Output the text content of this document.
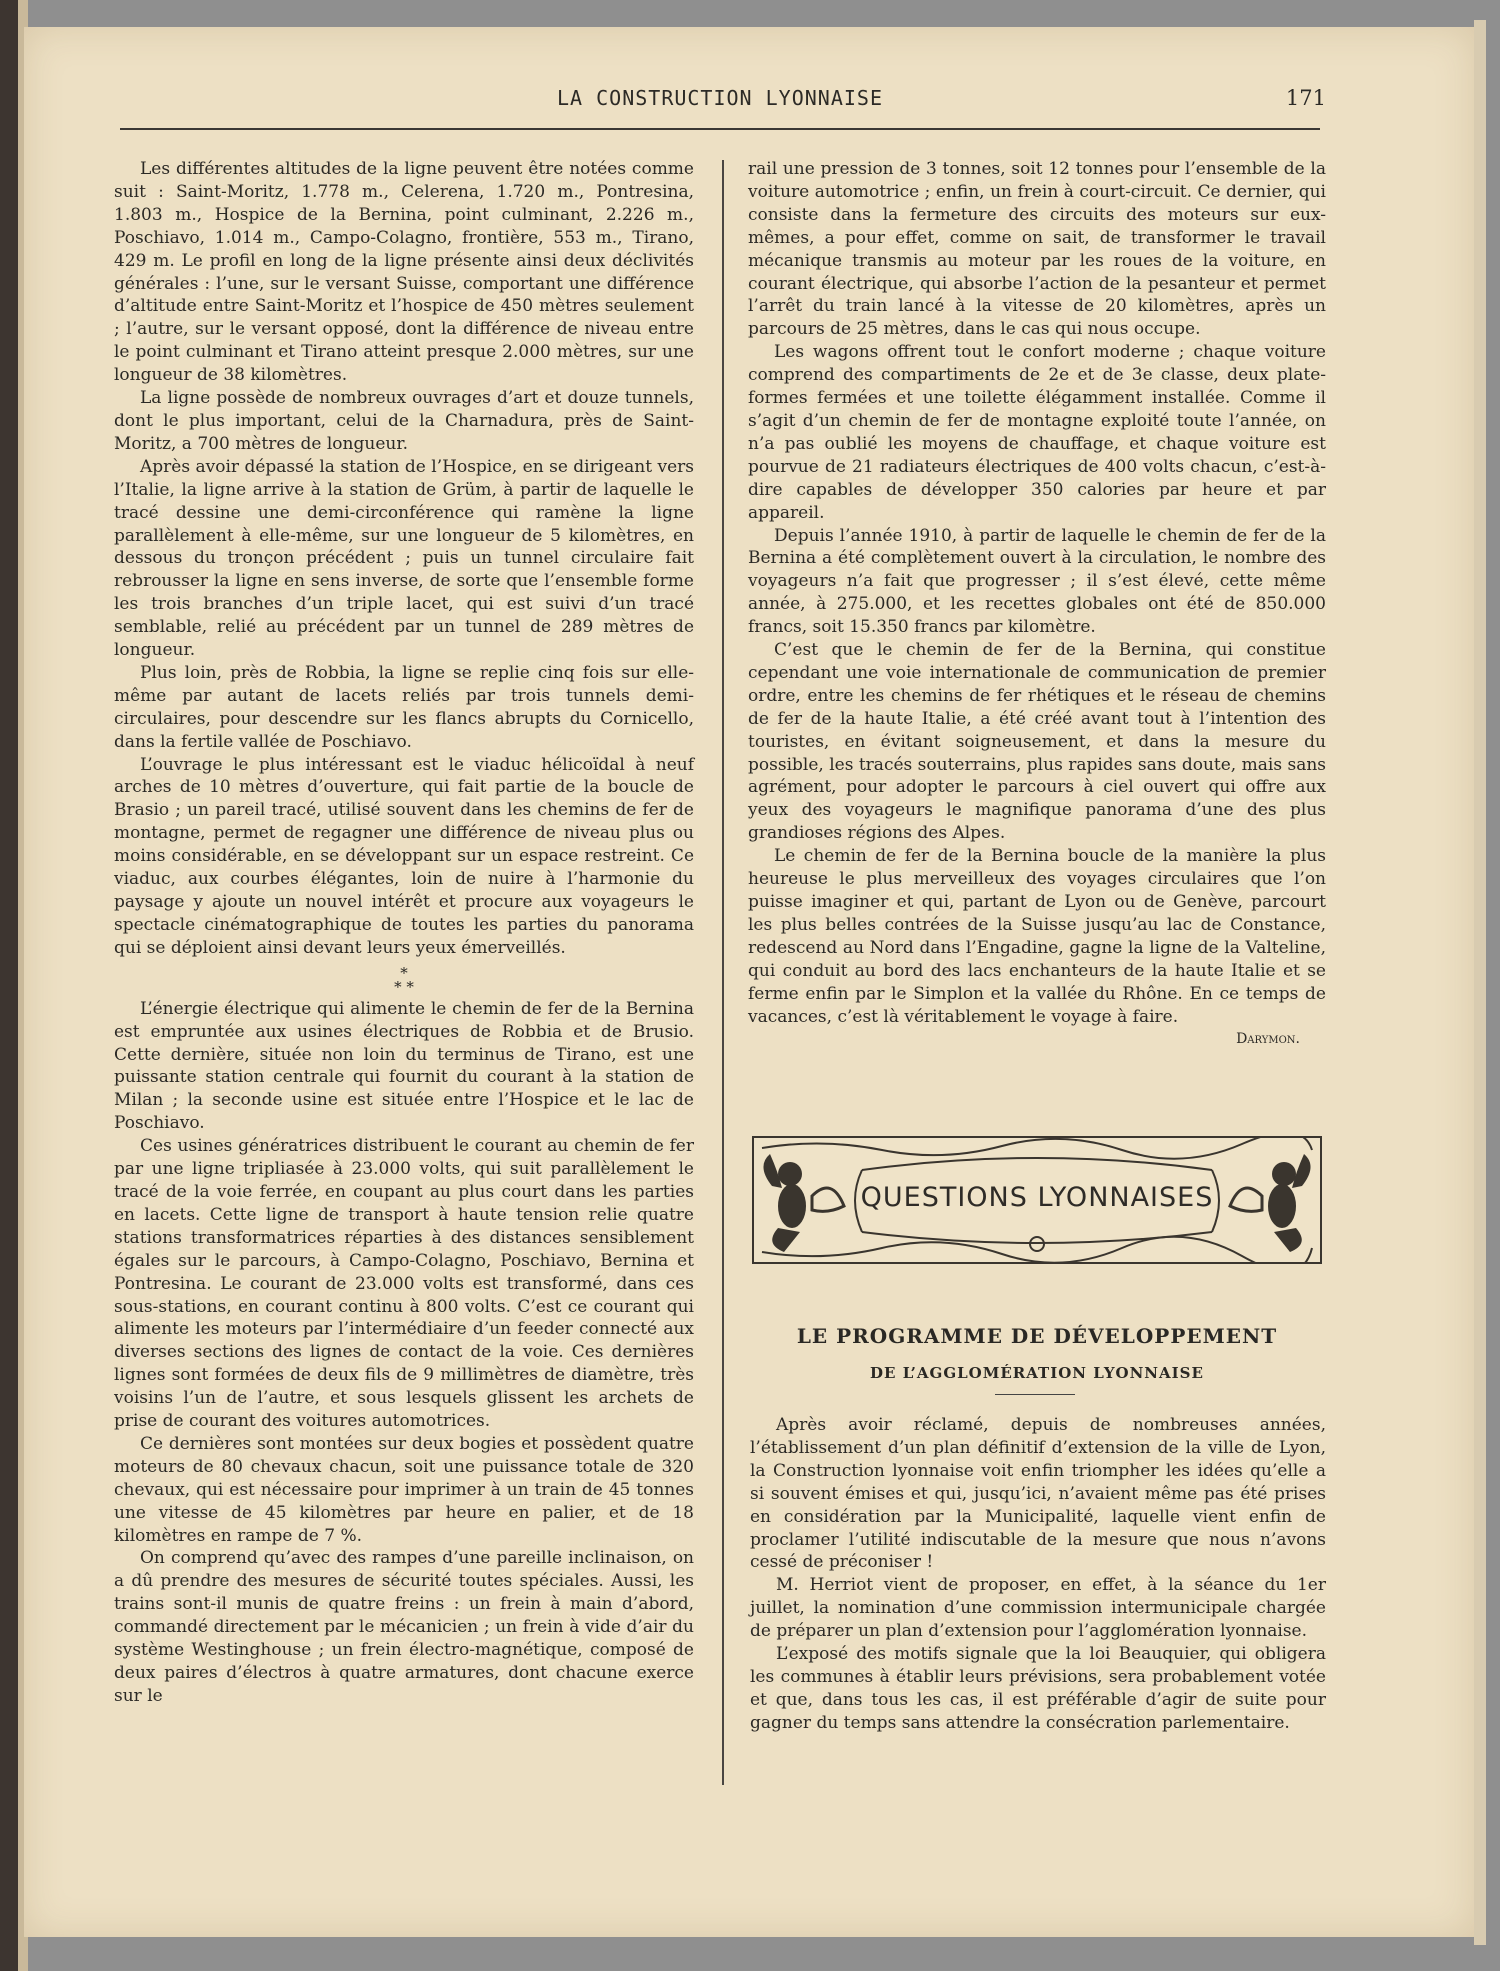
LA CONSTRUCTION LYONNAISE	171

Les différentes altitudes de la ligne peuvent être notées comme suit : Saint-Moritz, 1.778 m., Celerena, 1.720 m., Pontresina, 1.803 m., Hospice de la Bernina, point culminant, 2.226 m., Poschiavo, 1.014 m., Campo-Colagno, frontière, 553 m., Tirano, 429 m. Le profil en long de la ligne présente ainsi deux déclivités générales : l’une, sur le versant Suisse, comportant une différence d’altitude entre Saint-Moritz et l’hospice de 450 mètres seulement ; l’autre, sur le versant opposé, dont la différence de niveau entre le point culminant et Tirano atteint presque 2.000 mètres, sur une longueur de 38 kilomètres.

La ligne possède de nombreux ouvrages d’art et douze tunnels, dont le plus important, celui de la Charnadura, près de Saint-Moritz, a 700 mètres de longueur.

Après avoir dépassé la station de l’Hospice, en se dirigeant vers l’Italie, la ligne arrive à la station de Grüm, à partir de laquelle le tracé dessine une demi-circonférence qui ramène la ligne parallèlement à elle-même, sur une longueur de 5 kilomètres, en dessous du tronçon précédent ; puis un tunnel circulaire fait rebrousser la ligne en sens inverse, de sorte que l’ensemble forme les trois branches d’un triple lacet, qui est suivi d’un tracé semblable, relié au précédent par un tunnel de 289 mètres de longueur.

Plus loin, près de Robbia, la ligne se replie cinq fois sur elle-même par autant de lacets reliés par trois tunnels demi-circulaires, pour descendre sur les flancs abrupts du Cornicello, dans la fertile vallée de Poschiavo.

L’ouvrage le plus intéressant est le viaduc hélicoïdal à neuf arches de 10 mètres d’ouverture, qui fait partie de la boucle de Brasio ; un pareil tracé, utilisé souvent dans les chemins de fer de montagne, permet de regagner une différence de niveau plus ou moins considérable, en se développant sur un espace restreint. Ce viaduc, aux courbes élégantes, loin de nuire à l’harmonie du paysage y ajoute un nouvel intérêt et procure aux voyageurs le spectacle cinématographique de toutes les parties du panorama qui se déploient ainsi devant leurs yeux émerveillés.

*
* *

L’énergie électrique qui alimente le chemin de fer de la Bernina est empruntée aux usines électriques de Robbia et de Brusio. Cette dernière, située non loin du terminus de Tirano, est une puissante station centrale qui fournit du courant à la station de Milan ; la seconde usine est située entre l’Hospice et le lac de Poschiavo.

Ces usines génératrices distribuent le courant au chemin de fer par une ligne tripliasée à 23.000 volts, qui suit parallèlement le tracé de la voie ferrée, en coupant au plus court dans les parties en lacets. Cette ligne de transport à haute tension relie quatre stations transformatrices réparties à des distances sensiblement égales sur le parcours, à Campo-Colagno, Poschiavo, Bernina et Pontresina. Le courant de 23.000 volts est transformé, dans ces sous-stations, en courant continu à 800 volts. C’est ce courant qui alimente les moteurs par l’intermédiaire d’un feeder connecté aux diverses sections des lignes de contact de la voie. Ces dernières lignes sont formées de deux fils de 9 millimètres de diamètre, très voisins l’un de l’autre, et sous lesquels glissent les archets de prise de courant des voitures automotrices.

Ce dernières sont montées sur deux bogies et possèdent quatre moteurs de 80 chevaux chacun, soit une puissance totale de 320 chevaux, qui est nécessaire pour imprimer à un train de 45 tonnes une vitesse de 45 kilomètres par heure en palier, et de 18 kilomètres en rampe de 7 %.

On comprend qu’avec des rampes d’une pareille inclinaison, on a dû prendre des mesures de sécurité toutes spéciales. Aussi, les trains sont-il munis de quatre freins : un frein à main d’abord, commandé directement par le mécanicien ; un frein à vide d’air du système Westinghouse ; un frein électro-magnétique, composé de deux paires d’électros à quatre armatures, dont chacune exerce sur le

rail une pression de 3 tonnes, soit 12 tonnes pour l’ensemble de la voiture automotrice ; enfin, un frein à court-circuit. Ce dernier, qui consiste dans la fermeture des circuits des moteurs sur eux-mêmes, a pour effet, comme on sait, de transformer le travail mécanique transmis au moteur par les roues de la voiture, en courant électrique, qui absorbe l’action de la pesanteur et permet l’arrêt du train lancé à la vitesse de 20 kilomètres, après un parcours de 25 mètres, dans le cas qui nous occupe.

Les wagons offrent tout le confort moderne ; chaque voiture comprend des compartiments de 2e et de 3e classe, deux plate-formes fermées et une toilette élégamment installée. Comme il s’agit d’un chemin de fer de montagne exploité toute l’année, on n’a pas oublié les moyens de chauffage, et chaque voiture est pourvue de 21 radiateurs électriques de 400 volts chacun, c’est-à-dire capables de développer 350 calories par heure et par appareil.

Depuis l’année 1910, à partir de laquelle le chemin de fer de la Bernina a été complètement ouvert à la circulation, le nombre des voyageurs n’a fait que progresser ; il s’est élevé, cette même année, à 275.000, et les recettes globales ont été de 850.000 francs, soit 15.350 francs par kilomètre.

C’est que le chemin de fer de la Bernina, qui constitue cependant une voie internationale de communication de premier ordre, entre les chemins de fer rhétiques et le réseau de chemins de fer de la haute Italie, a été créé avant tout à l’intention des touristes, en évitant soigneusement, et dans la mesure du possible, les tracés souterrains, plus rapides sans doute, mais sans agrément, pour adopter le parcours à ciel ouvert qui offre aux yeux des voyageurs le magnifique panorama d’une des plus grandioses régions des Alpes.

Le chemin de fer de la Bernina boucle de la manière la plus heureuse le plus merveilleux des voyages circulaires que l’on puisse imaginer et qui, partant de Lyon ou de Genève, parcourt les plus belles contrées de la Suisse jusqu’au lac de Constance, redescend au Nord dans l’Engadine, gagne la ligne de la Valteline, qui conduit au bord des lacs enchanteurs de la haute Italie et se ferme enfin par le Simplon et la vallée du Rhône. En ce temps de vacances, c’est là véritablement le voyage à faire.

Darymon.
QUESTIONS LYONNAISES
LE PROGRAMME DE DÉVELOPPEMENT
DE L’AGGLOMÉRATION LYONNAISE

Après avoir réclamé, depuis de nombreuses années, l’établissement d’un plan définitif d’extension de la ville de Lyon, la Construction lyonnaise voit enfin triompher les idées qu’elle a si souvent émises et qui, jusqu’ici, n’avaient même pas été prises en considération par la Municipalité, laquelle vient enfin de proclamer l’utilité indiscutable de la mesure que nous n’avons cessé de préconiser !

M. Herriot vient de proposer, en effet, à la séance du 1er juillet, la nomination d’une commission intermunicipale chargée de préparer un plan d’extension pour l’agglomération lyonnaise.

L’exposé des motifs signale que la loi Beauquier, qui obligera les communes à établir leurs prévisions, sera probablement votée et que, dans tous les cas, il est préférable d’agir de suite pour gagner du temps sans attendre la consécration parlementaire.
